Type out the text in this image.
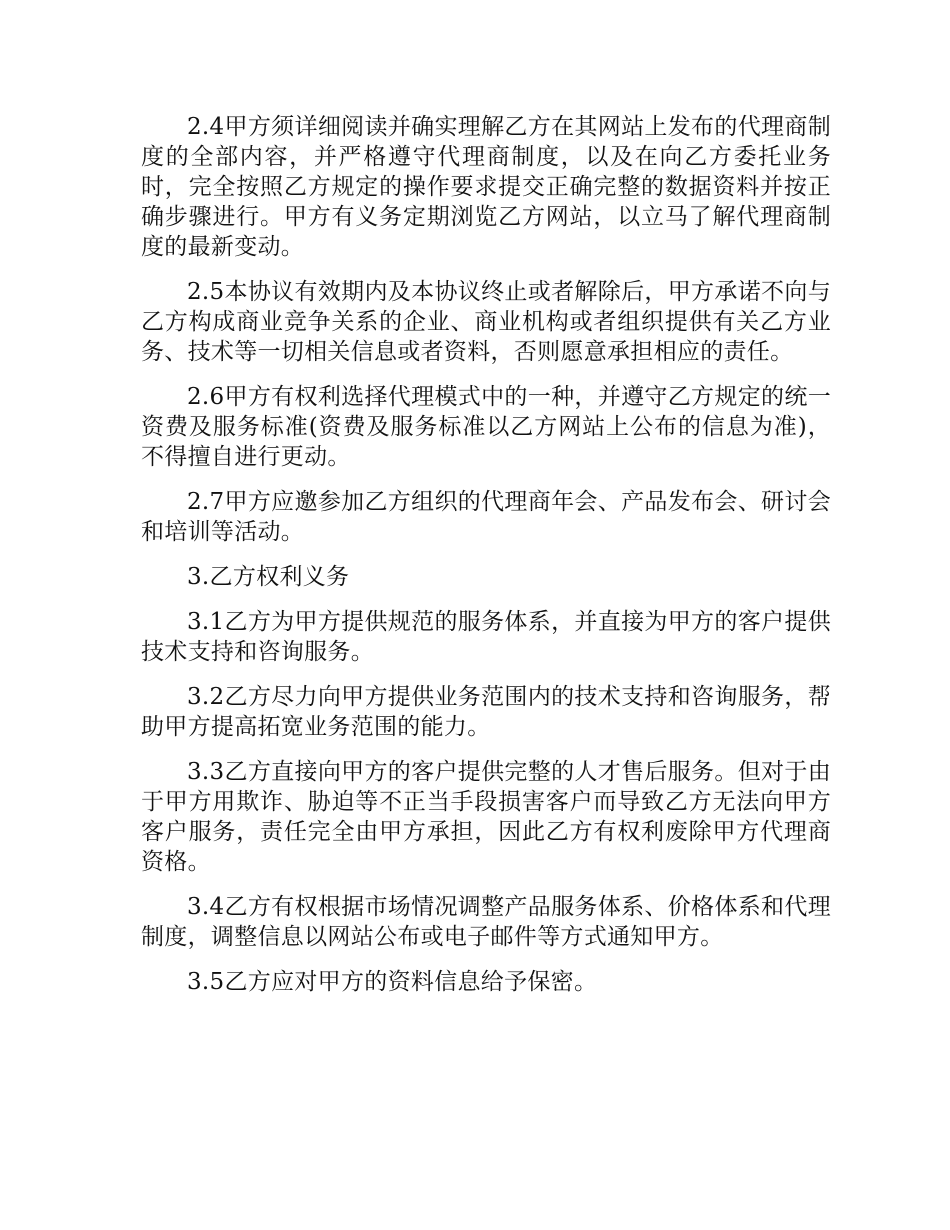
2.4甲方须详细阅读并确实理解乙方在其网站上发布的代理商制度的全部内容，并严格遵守代理商制度，以及在向乙方委托业务时，完全按照乙方规定的操作要求提交正确完整的数据资料并按正确步骤进行。甲方有义务定期浏览乙方网站，以立马了解代理商制度的最新变动。

2.5本协议有效期内及本协议终止或者解除后，甲方承诺不向与乙方构成商业竞争关系的企业、商业机构或者组织提供有关乙方业务、技术等一切相关信息或者资料，否则愿意承担相应的责任。

2.6甲方有权利选择代理模式中的一种，并遵守乙方规定的统一资费及服务标准(资费及服务标准以乙方网站上公布的信息为准)，不得擅自进行更动。

2.7甲方应邀参加乙方组织的代理商年会、产品发布会、研讨会和培训等活动。

3.乙方权利义务

3.1乙方为甲方提供规范的服务体系，并直接为甲方的客户提供技术支持和咨询服务。

3.2乙方尽力向甲方提供业务范围内的技术支持和咨询服务，帮助甲方提高拓宽业务范围的能力。

3.3乙方直接向甲方的客户提供完整的人才售后服务。但对于由于甲方用欺诈、胁迫等不正当手段损害客户而导致乙方无法向甲方客户服务，责任完全由甲方承担，因此乙方有权利废除甲方代理商资格。

3.4乙方有权根据市场情况调整产品服务体系、价格体系和代理制度，调整信息以网站公布或电子邮件等方式通知甲方。

3.5乙方应对甲方的资料信息给予保密。
